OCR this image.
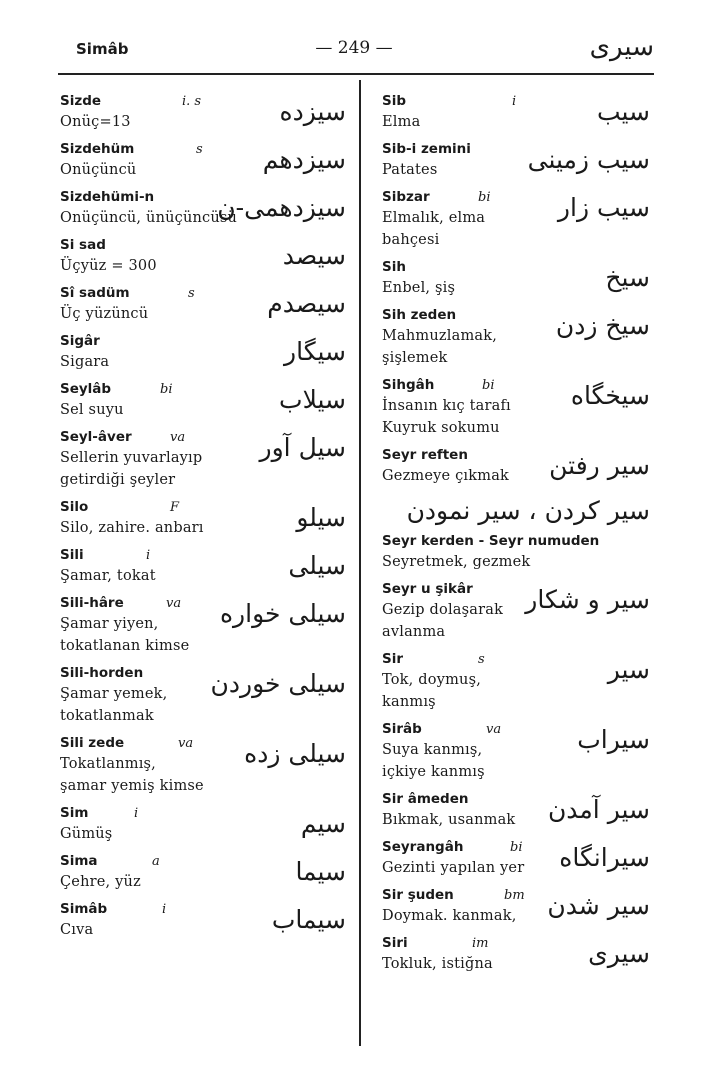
Simâb	— 249 —	سیری
Sizde	i. s
Onüç=13	سیزده
Sizdehüm	s
Onüçüncü	سیزدهم
Sizdehümi-n
Onüçüncü, ünüçüncüsü
سیزدهمی-ن
Si sad
Üçyüz = 300	سیصد
Sî sadüm	s
Üç yüzüncü	سیصدم
Sigâr
Sigara	سیگار
Seylâb	bi
Sel suyu	سیلاب
Seyl-âver	va
Sellerin yuvarlayıp
getirdiği şeyler
سیل آور
Silo	F
Silo, zahire. anbarı	سیلو
Sili	i
Şamar, tokat	سیلی
Sili-hâre	va
Şamar yiyen,
tokatlanan kimse
سیلی خواره
Sili-horden
Şamar yemek,
tokatlanmak
سیلی خوردن
Sili zede	va
Tokatlanmış,
şamar yemiş kimse
سیلی زده
Sim	i
Gümüş	سیم
Sima	a
Çehre, yüz	سیما
Simâb	i
Cıva	سیماب
Sib	i
Elma	سیب
Sib-i zemini
Patates	سیب زمینی
Sibzar	bi
Elmalık, elma
bahçesi
سیب زار
Sih
Enbel, şiş	سیخ
Sih zeden
Mahmuzlamak,
şişlemek
سیخ زدن
Sihgâh	bi
İnsanın kıç tarafı
Kuyruk sokumu
سیخگاه
Seyr reften
Gezmeye çıkmak	سیر رفتن
سیر کردن ، سیر نمودن
Seyr kerden - Seyr numuden
Seyretmek, gezmek
Seyr u şikâr
Gezip dolaşarak
avlanma
سیر و شکار
Sir	s
Tok, doymuş,
kanmış
سیر
Sirâb	va
Suya kanmış,
içkiye kanmış
سیراب
Sir âmeden
Bıkmak, usanmak	سیر آمدن
Seyrangâh	bi
Gezinti yapılan yer	سیرانگاه
Sir şuden	bm
Doymak. kanmak,	سیر شدن
Siri	im
Tokluk, istiğna	سیری
